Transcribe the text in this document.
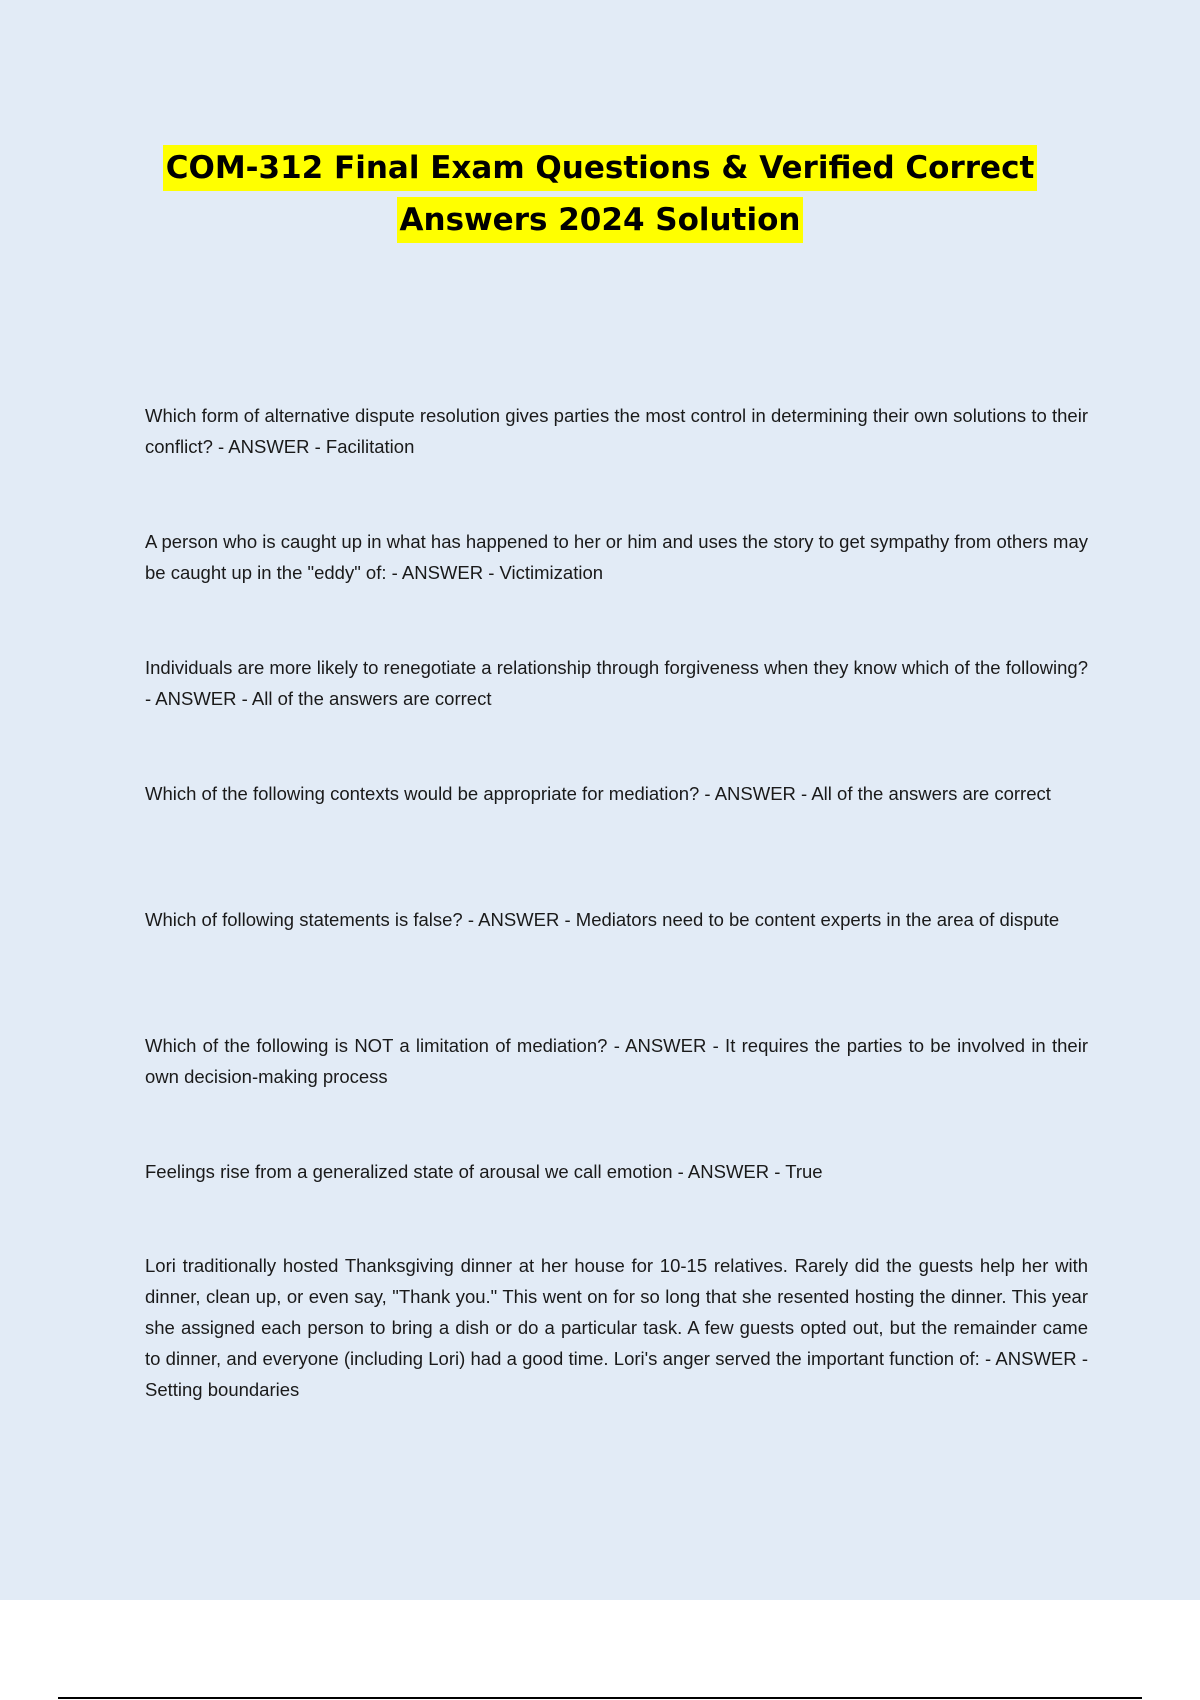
COM-312 Final Exam Questions & Verified Correct
Answers 2024 Solution

Which form of alternative dispute resolution gives parties the most control in determining their own solutions to their conflict? - ANSWER - Facilitation

A person who is caught up in what has happened to her or him and uses the story to get sympathy from others may be caught up in the "eddy" of: - ANSWER - Victimization

Individuals are more likely to renegotiate a relationship through forgiveness when they know which of the following? - ANSWER - All of the answers are correct

Which of the following contexts would be appropriate for mediation? - ANSWER - All of the answers are correct

Which of following statements is false? - ANSWER - Mediators need to be content experts in the area of dispute

Which of the following is NOT a limitation of mediation? - ANSWER - It requires the parties to be involved in their own decision-making process

Feelings rise from a generalized state of arousal we call emotion - ANSWER - True

Lori traditionally hosted Thanksgiving dinner at her house for 10-15 relatives. Rarely did the guests help her with dinner, clean up, or even say, "Thank you." This went on for so long that she resented hosting the dinner. This year she assigned each person to bring a dish or do a particular task. A few guests opted out, but the remainder came to dinner, and everyone (including Lori) had a good time. Lori's anger served the important function of: - ANSWER - Setting boundaries
